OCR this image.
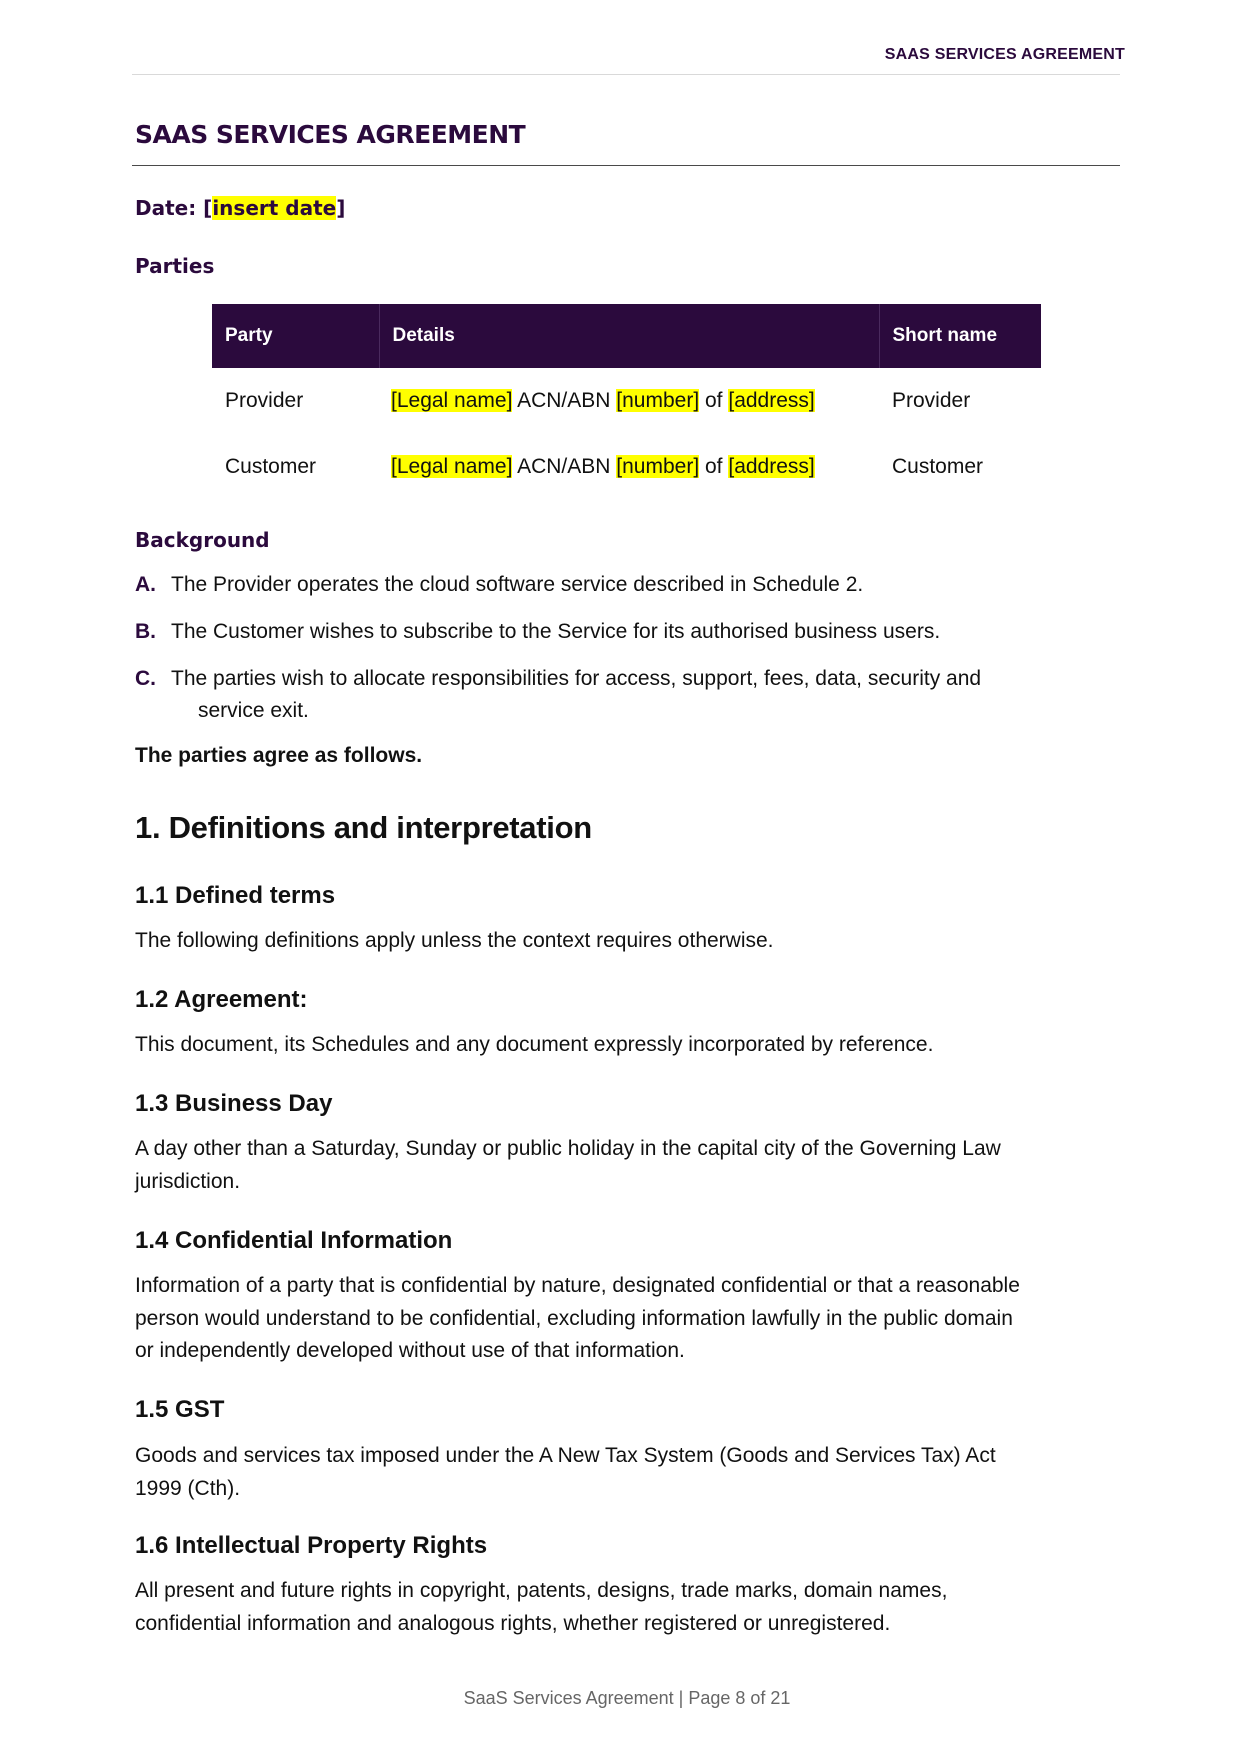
SAAS SERVICES AGREEMENT
SAAS SERVICES AGREEMENT
Date: [insert date]
Parties
Party	Details	Short name
Provider	[Legal name] ACN/ABN [number] of [address]	Provider
Customer	[Legal name] ACN/ABN [number] of [address]	Customer
Background
A. The Provider operates the cloud software service described in Schedule 2.
B. The Customer wishes to subscribe to the Service for its authorised business users.
C. The parties wish to allocate responsibilities for access, support, fees, data, security and
service exit.
The parties agree as follows.
1. Definitions and interpretation
1.1 Defined terms
The following definitions apply unless the context requires otherwise.
1.2 Agreement:
This document, its Schedules and any document expressly incorporated by reference.
1.3 Business Day
A day other than a Saturday, Sunday or public holiday in the capital city of the Governing Law
jurisdiction.
1.4 Confidential Information
Information of a party that is confidential by nature, designated confidential or that a reasonable
person would understand to be confidential, excluding information lawfully in the public domain
or independently developed without use of that information.
1.5 GST
Goods and services tax imposed under the A New Tax System (Goods and Services Tax) Act
1999 (Cth).
1.6 Intellectual Property Rights
All present and future rights in copyright, patents, designs, trade marks, domain names,
confidential information and analogous rights, whether registered or unregistered.
SaaS Services Agreement | Page 8 of 21
